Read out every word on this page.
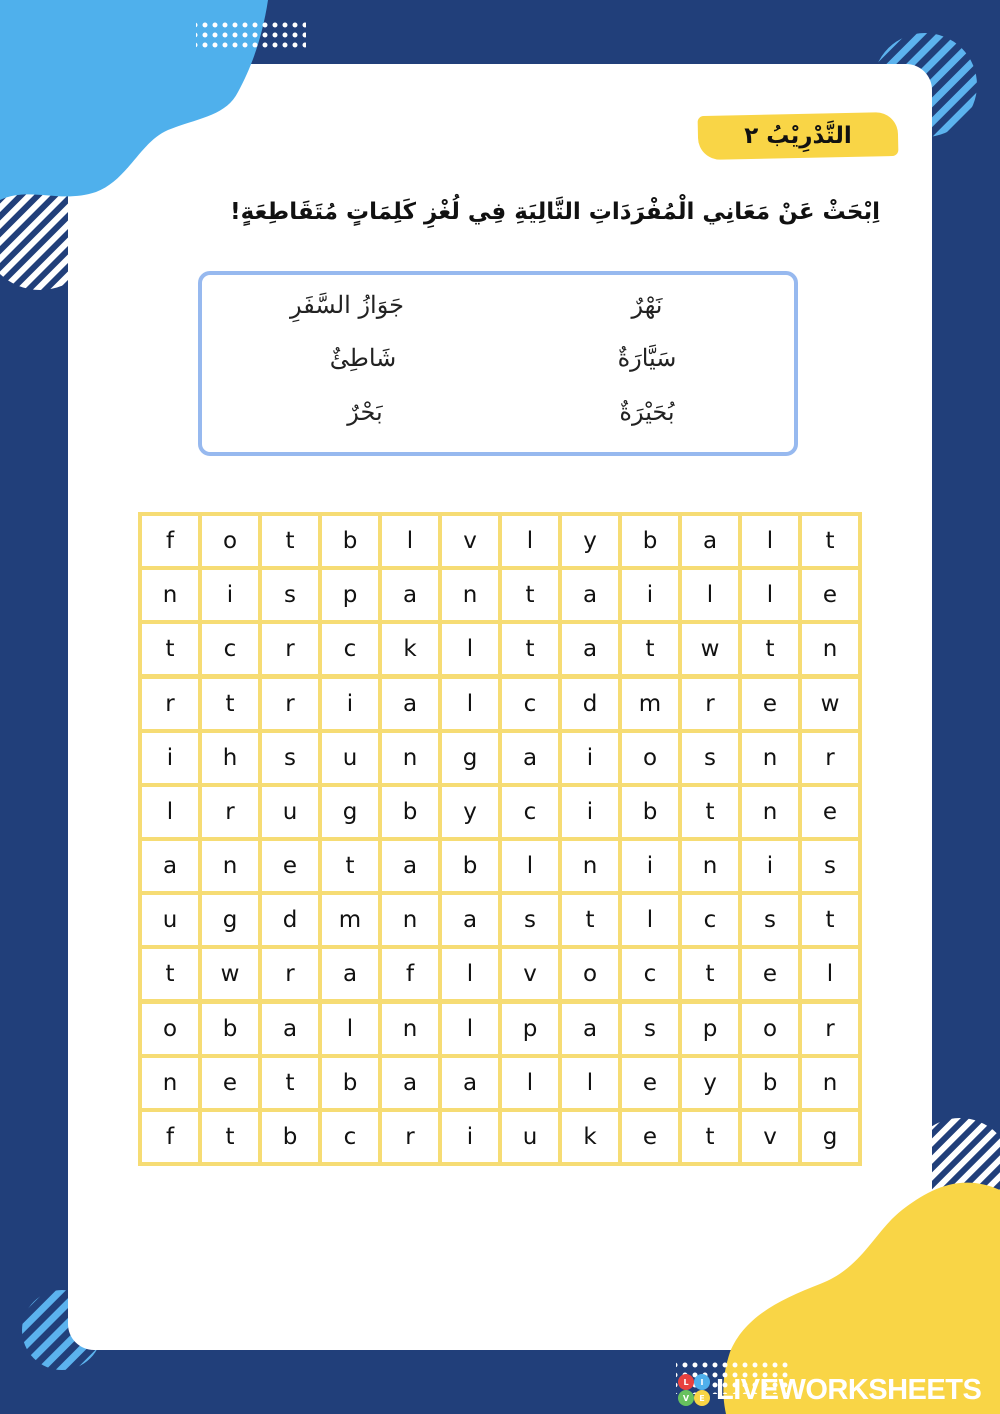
التَّدْرِيْبُ ٢
اِبْحَثْ عَنْ مَعَانِي الْمُفْرَدَاتِ التَّالِيَةِ فِي لُغْزِ كَلِمَاتٍ مُتَقَاطِعَةٍ!
نَهْرٌ
جَوَازُ السَّفَرِ
سَيَّارَةٌ
شَاطِئٌ
بُحَيْرَةٌ
بَحْرٌ
f	o	t	b	l	v	l	y	b	a	l	t
n	i	s	p	a	n	t	a	i	l	l	e
t	c	r	c	k	l	t	a	t	w	t	n
r	t	r	i	a	l	c	d	m	r	e	w
i	h	s	u	n	g	a	i	o	s	n	r
l	r	u	g	b	y	c	i	b	t	n	e
a	n	e	t	a	b	l	n	i	n	i	s
u	g	d	m	n	a	s	t	l	c	s	t
t	w	r	a	f	l	v	o	c	t	e	l
o	b	a	l	n	l	p	a	s	p	o	r
n	e	t	b	a	a	l	l	e	y	b	n
f	t	b	c	r	i	u	k	e	t	v	g
L I
V E LIVEWORKSHEETS
